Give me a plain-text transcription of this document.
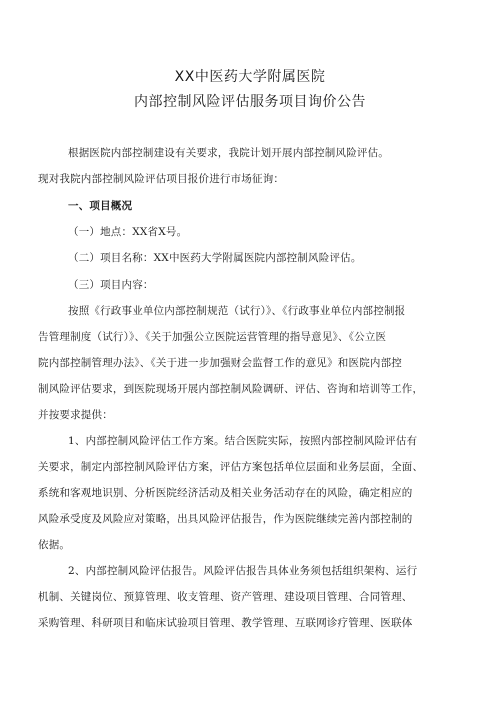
XX中医药大学附属医院
内部控制风险评估服务项目询价公告
根据医院内部控制建设有关要求，我院计划开展内部控制风险评估。
现对我院内部控制风险评估项目报价进行市场征询：
一、项目概况
（一）地点：XX省X号。
（二）项目名称：XX中医药大学附属医院内部控制风险评估。
（三）项目内容：
按照《行政事业单位内部控制规范（试行）》、《行政事业单位内部控制报
告管理制度（试行）》、《关于加强公立医院运营管理的指导意见》、《公立医
院内部控制管理办法》、《关于进一步加强财会监督工作的意见》和医院内部控
制风险评估要求，到医院现场开展内部控制风险调研、评估、咨询和培训等工作，
并按要求提供：
1、内部控制风险评估工作方案。结合医院实际，按照内部控制风险评估有
关要求，制定内部控制风险评估方案，评估方案包括单位层面和业务层面，全面、
系统和客观地识别、分析医院经济活动及相关业务活动存在的风险，确定相应的
风险承受度及风险应对策略，出具风险评估报告，作为医院继续完善内部控制的
依据。
2、内部控制风险评估报告。风险评估报告具体业务须包括组织架构、运行
机制、关键岗位、预算管理、收支管理、资产管理、建设项目管理、合同管理、
采购管理、科研项目和临床试验项目管理、教学管理、互联网诊疗管理、医联体
